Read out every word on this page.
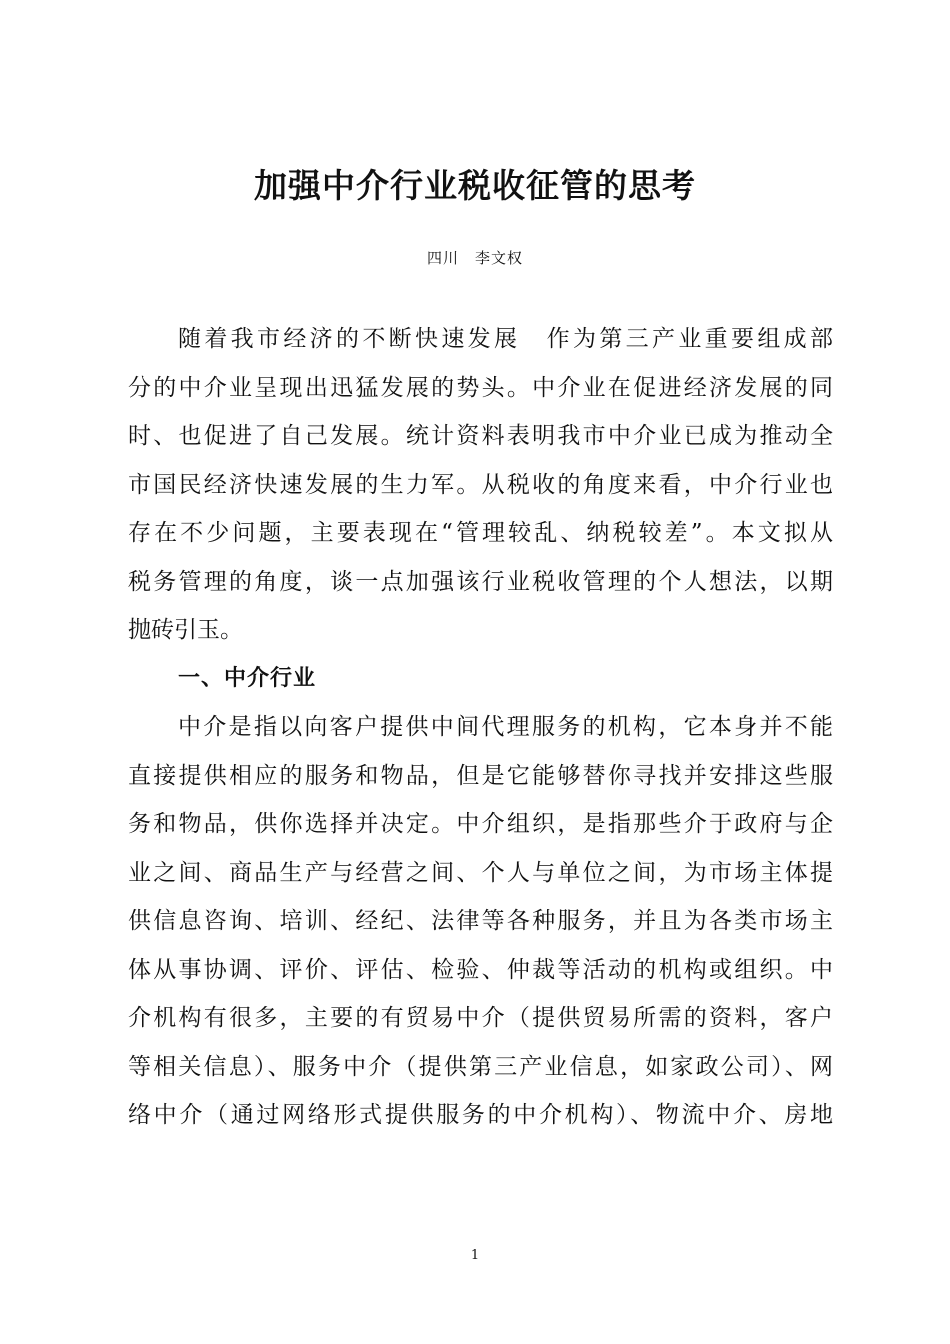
加强中介行业税收征管的思考
四川　李文权
随着我市经济的不断快速发展　作为第三产业重要组成部
分的中介业呈现出迅猛发展的势头。中介业在促进经济发展的同
时、也促进了自己发展。统计资料表明我市中介业已成为推动全
市国民经济快速发展的生力军。从税收的角度来看，中介行业也
存在不少问题，主要表现在“管理较乱、纳税较差”。本文拟从
税务管理的角度，谈一点加强该行业税收管理的个人想法，以期
抛砖引玉。
一、中介行业
中介是指以向客户提供中间代理服务的机构，它本身并不能
直接提供相应的服务和物品，但是它能够替你寻找并安排这些服
务和物品，供你选择并决定。中介组织，是指那些介于政府与企
业之间、商品生产与经营之间、个人与单位之间，为市场主体提
供信息咨询、培训、经纪、法律等各种服务，并且为各类市场主
体从事协调、评价、评估、检验、仲裁等活动的机构或组织。中
介机构有很多，主要的有贸易中介（提供贸易所需的资料，客户
等相关信息）、服务中介（提供第三产业信息，如家政公司）、网
络中介（通过网络形式提供服务的中介机构）、物流中介、房地
1
